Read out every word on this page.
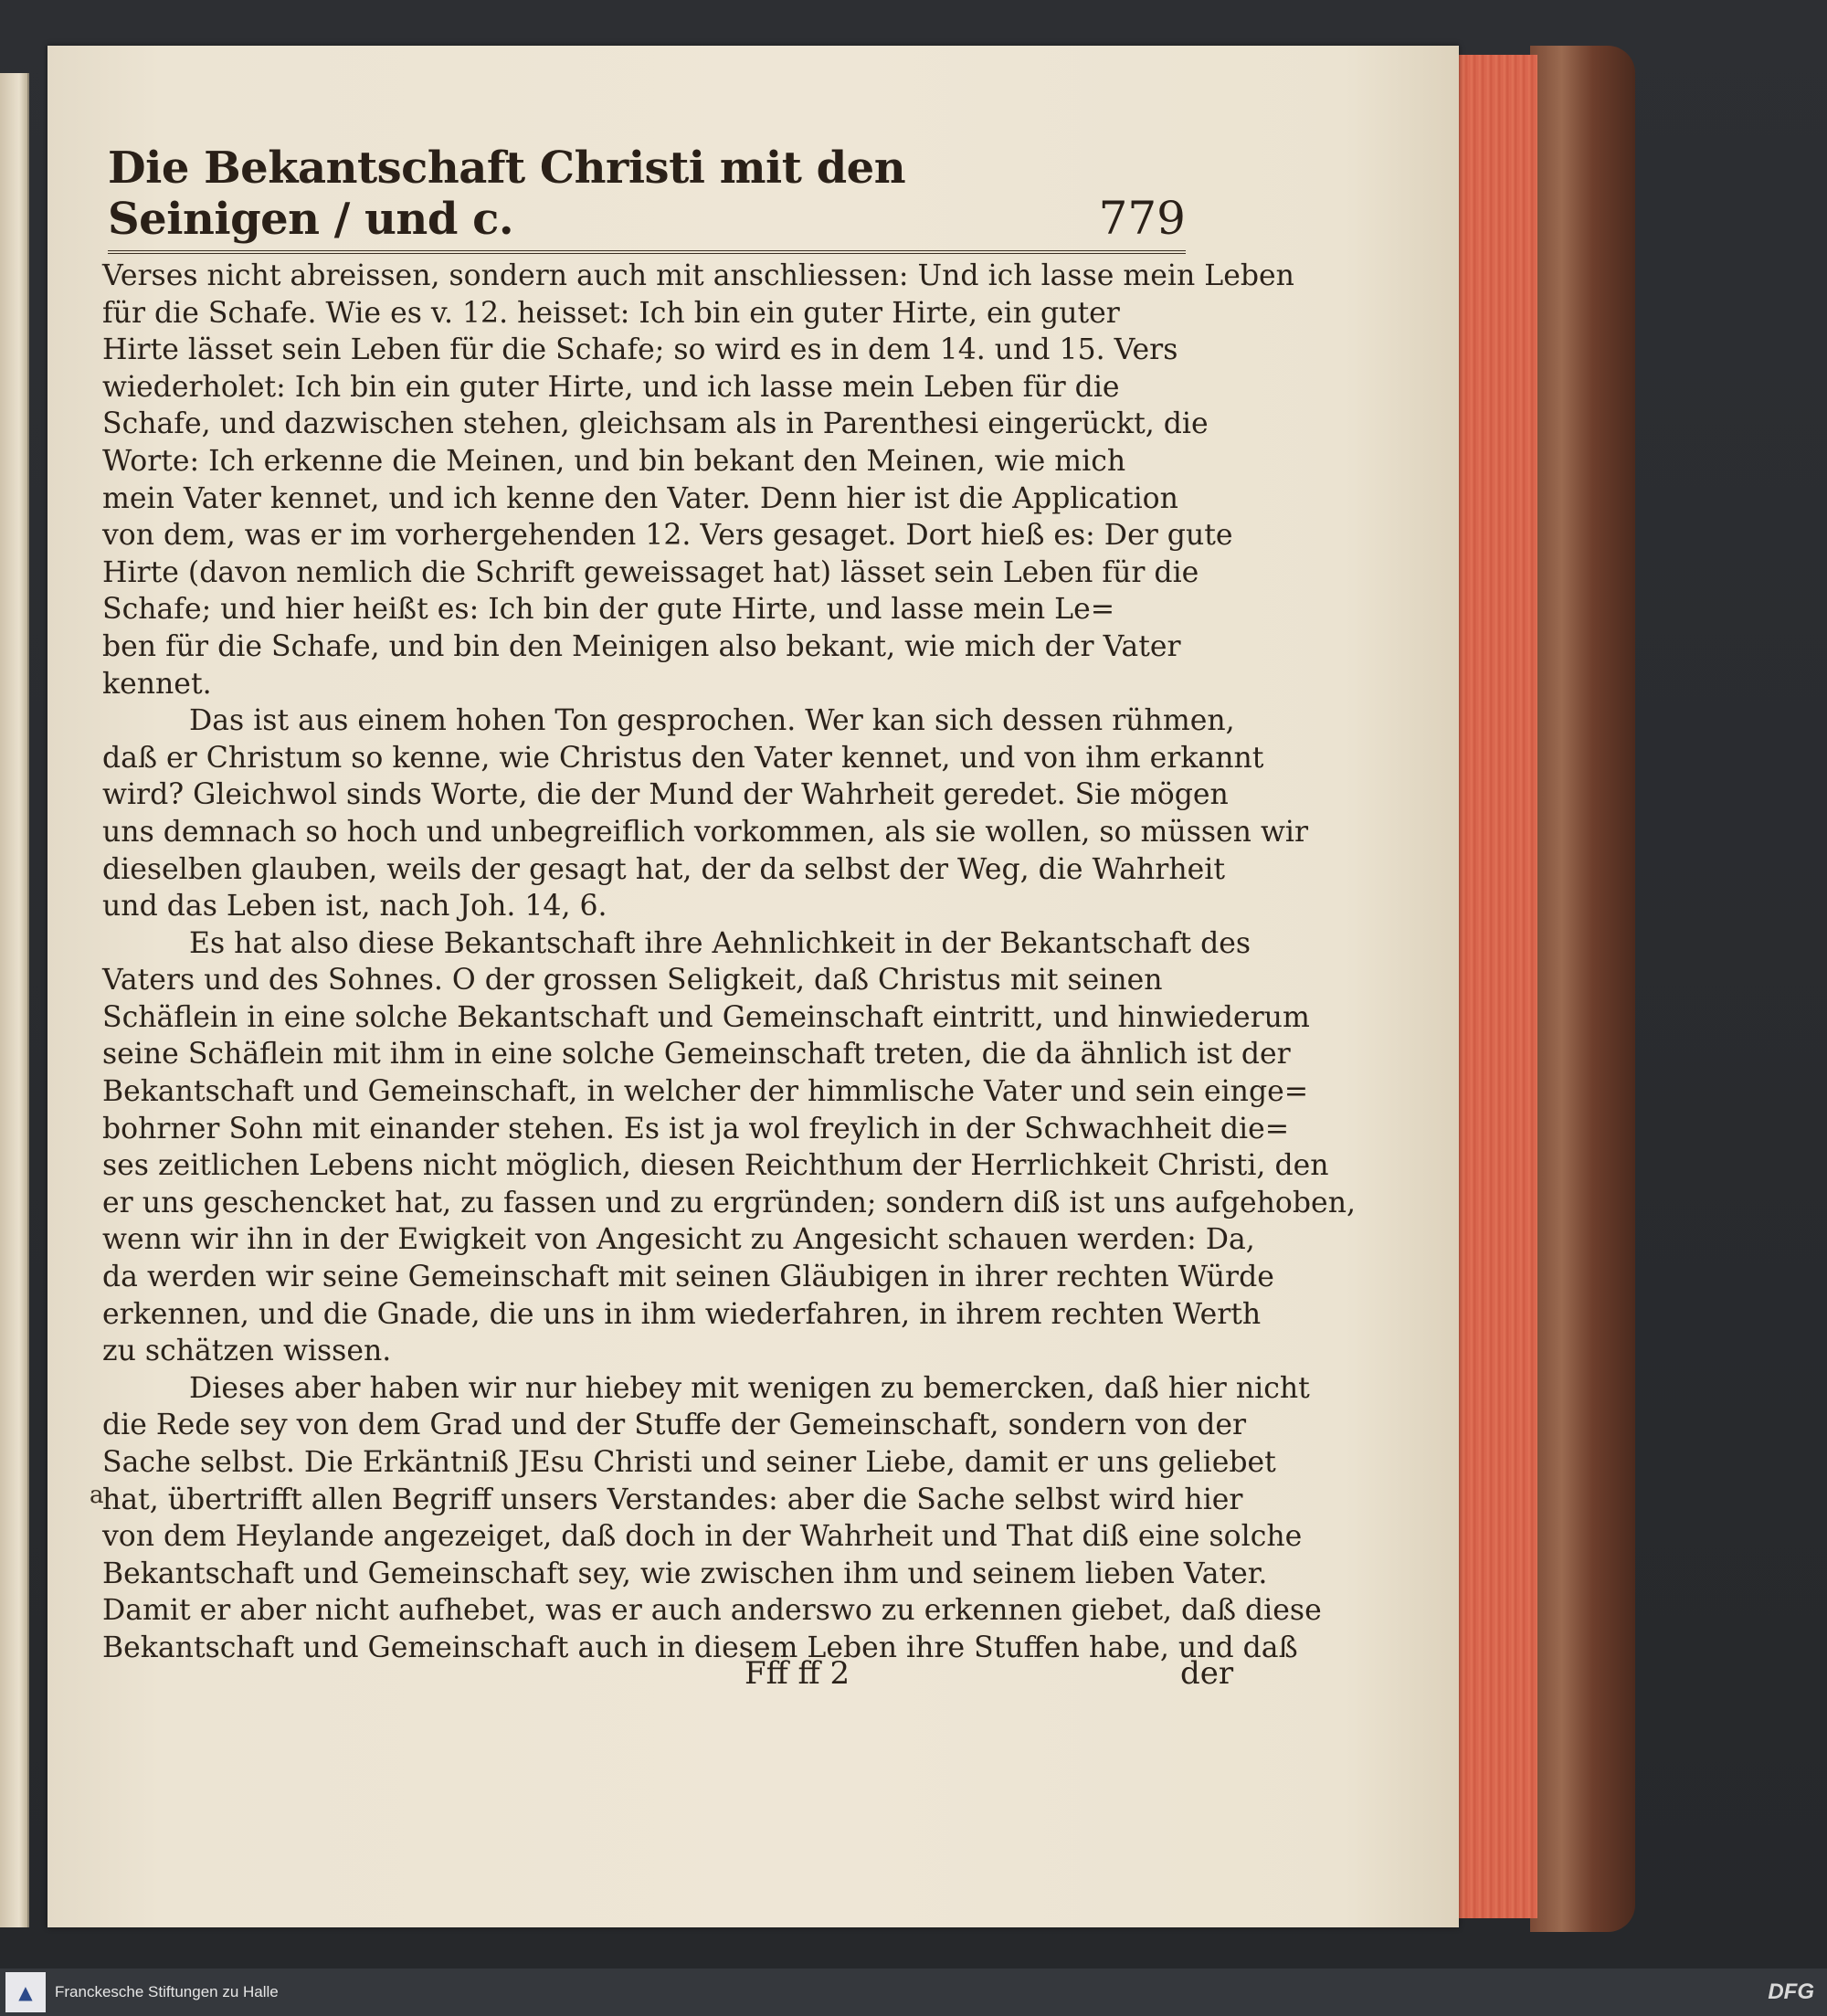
Die Bekantschaft Christi mit den Seinigen / und c.	779
Verses nicht abreissen, sondern auch mit anschliessen: Und ich lasse mein Leben
für die Schafe. Wie es v. 12. heisset: Ich bin ein guter Hirte, ein guter
Hirte lässet sein Leben für die Schafe; so wird es in dem 14. und 15. Vers
wiederholet: Ich bin ein guter Hirte, und ich lasse mein Leben für die
Schafe, und dazwischen stehen, gleichsam als in Parenthesi eingerückt, die
Worte: Ich erkenne die Meinen, und bin bekant den Meinen, wie mich
mein Vater kennet, und ich kenne den Vater. Denn hier ist die Application
von dem, was er im vorhergehenden 12. Vers gesaget. Dort hieß es: Der gute
Hirte (davon nemlich die Schrift geweissaget hat) lässet sein Leben für die
Schafe; und hier heißt es: Ich bin der gute Hirte, und lasse mein Le=
ben für die Schafe, und bin den Meinigen also bekant, wie mich der Vater
kennet.
Das ist aus einem hohen Ton gesprochen. Wer kan sich dessen rühmen,
daß er Christum so kenne, wie Christus den Vater kennet, und von ihm erkannt
wird? Gleichwol sinds Worte, die der Mund der Wahrheit geredet. Sie mögen
uns demnach so hoch und unbegreiflich vorkommen, als sie wollen, so müssen wir
dieselben glauben, weils der gesagt hat, der da selbst der Weg, die Wahrheit
und das Leben ist, nach Joh. 14, 6.
Es hat also diese Bekantschaft ihre Aehnlichkeit in der Bekantschaft des
Vaters und des Sohnes. O der grossen Seligkeit, daß Christus mit seinen
Schäflein in eine solche Bekantschaft und Gemeinschaft eintritt, und hinwiederum
seine Schäflein mit ihm in eine solche Gemeinschaft treten, die da ähnlich ist der
Bekantschaft und Gemeinschaft, in welcher der himmlische Vater und sein einge=
bohrner Sohn mit einander stehen. Es ist ja wol freylich in der Schwachheit die=
ses zeitlichen Lebens nicht möglich, diesen Reichthum der Herrlichkeit Christi, den
er uns geschencket hat, zu fassen und zu ergründen; sondern diß ist uns aufgehoben,
wenn wir ihn in der Ewigkeit von Angesicht zu Angesicht schauen werden: Da,
da werden wir seine Gemeinschaft mit seinen Gläubigen in ihrer rechten Würde
erkennen, und die Gnade, die uns in ihm wiederfahren, in ihrem rechten Werth
zu schätzen wissen.
Dieses aber haben wir nur hiebey mit wenigen zu bemercken, daß hier nicht
die Rede sey von dem Grad und der Stuffe der Gemeinschaft, sondern von der
Sache selbst. Die Erkäntniß JEsu Christi und seiner Liebe, damit er uns geliebet
hat, übertrifft allen Begriff unsers Verstandes: aber die Sache selbst wird hier
von dem Heylande angezeiget, daß doch in der Wahrheit und That diß eine solche
Bekantschaft und Gemeinschaft sey, wie zwischen ihm und seinem lieben Vater.
Damit er aber nicht aufhebet, was er auch anderswo zu erkennen giebet, daß diese
Bekantschaft und Gemeinschaft auch in diesem Leben ihre Stuffen habe, und daß
a
Fff ff 2	der
▲ Franckesche Stiftungen zu Halle	DFG
